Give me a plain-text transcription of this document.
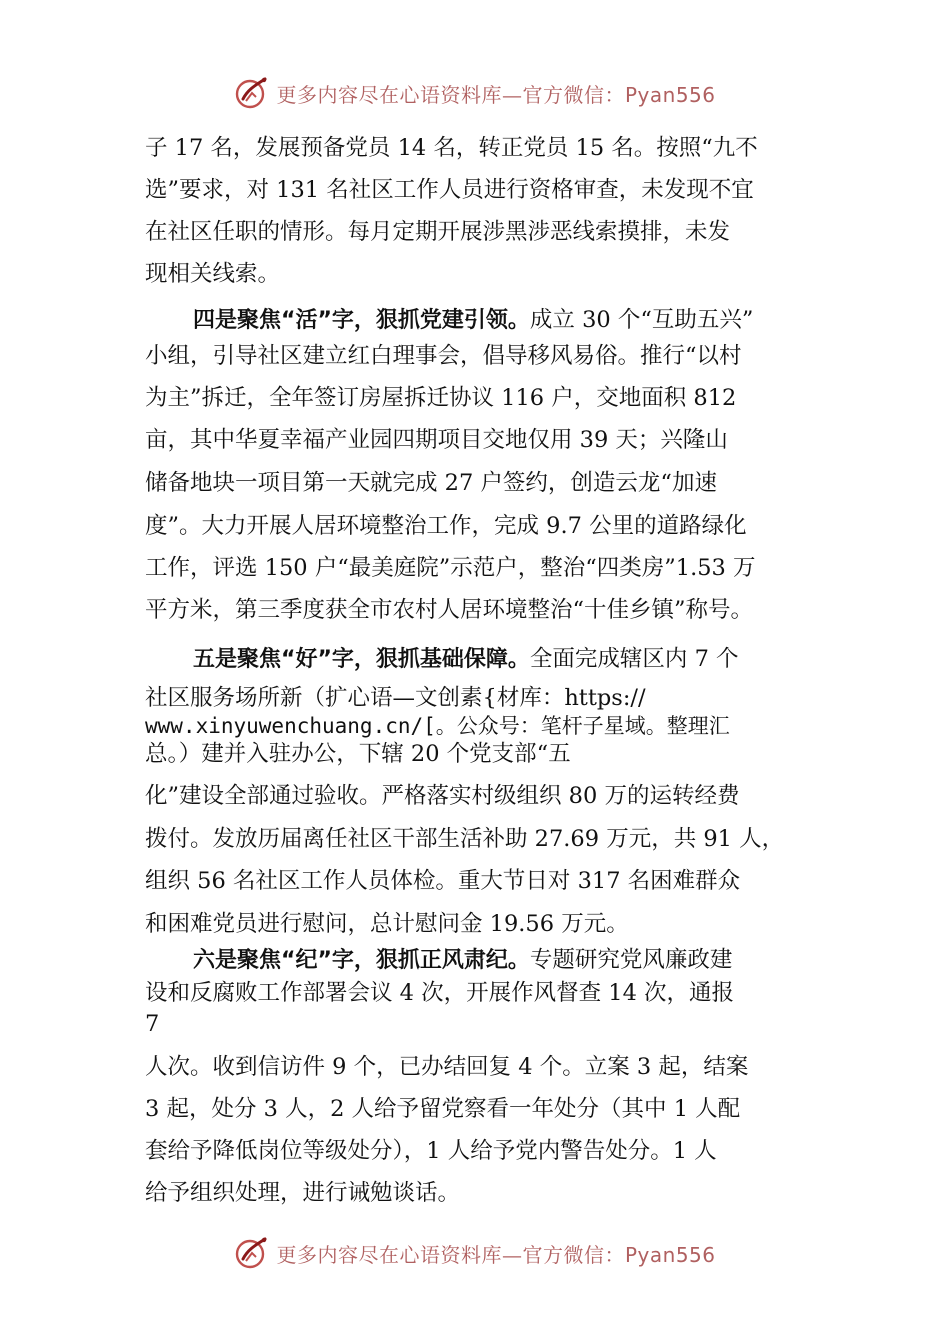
更多内容尽在心语资料库—官方微信：Pyan556
子 17 名，发展预备党员 14 名，转正党员 15 名。按照“九不
选”要求，对 131 名社区工作人员进行资格审查，未发现不宜
在社区任职的情形。每月定期开展涉黑涉恶线索摸排，未发
现相关线索。
四是聚焦“活”字，狠抓党建引领。成立 30 个“互助五兴”
小组，引导社区建立红白理事会，倡导移风易俗。推行“以村
为主”拆迁，全年签订房屋拆迁协议 116 户，交地面积 812
亩，其中华夏幸福产业园四期项目交地仅用 39 天；兴隆山
储备地块一项目第一天就完成 27 户签约，创造云龙“加速
度”。大力开展人居环境整治工作，完成 9.7 公里的道路绿化
工作，评选 150 户“最美庭院”示范户，整治“四类房”1.53 万
平方米，第三季度获全市农村人居环境整治“十佳乡镇”称号。
五是聚焦“好”字，狠抓基础保障。全面完成辖区内 7 个
社区服务场所新（扩心语—文创素{材库：https://
www.xinyuwenchuang.cn/[。公众号：笔杆子星域。整理汇
总。）建并入驻办公，下辖 20 个党支部“五
化”建设全部通过验收。严格落实村级组织 80 万的运转经费
拨付。发放历届离任社区干部生活补助 27.69 万元，共 91 人，
组织 56 名社区工作人员体检。重大节日对 317 名困难群众
和困难党员进行慰问，总计慰问金 19.56 万元。
六是聚焦“纪”字，狠抓正风肃纪。专题研究党风廉政建
设和反腐败工作部署会议 4 次，开展作风督查 14 次，通报
7
人次。收到信访件 9 个，已办结回复 4 个。立案 3 起，结案
3 起，处分 3 人，2 人给予留党察看一年处分（其中 1 人配
套给予降低岗位等级处分），1 人给予党内警告处分。1 人
给予组织处理，进行诫勉谈话。
更多内容尽在心语资料库—官方微信：Pyan556
